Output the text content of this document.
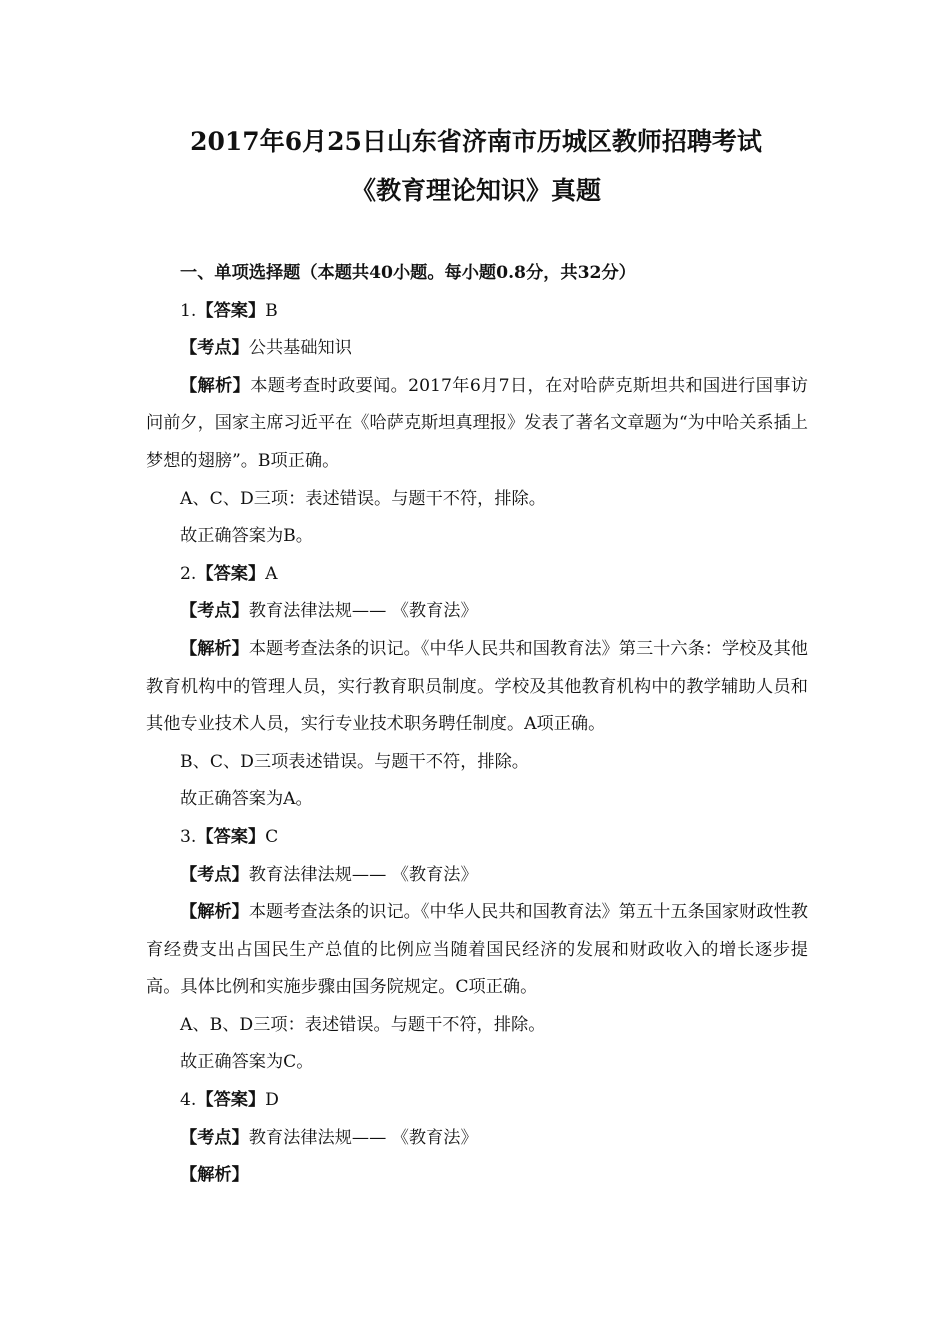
2017年6月25日山东省济南市历城区教师招聘考试
《教育理论知识》真题

一、单项选择题（本题共40小题。每小题0.8分，共32分）

1.【答案】B

【考点】公共基础知识

【解析】本题考查时政要闻。2017年6月7日，在对哈萨克斯坦共和国进行国事访问前夕，国家主席习近平在《哈萨克斯坦真理报》发表了著名文章题为“为中哈关系插上梦想的翅膀”。B项正确。

A、C、D三项：表述错误。与题干不符，排除。

故正确答案为B。

2.【答案】A

【考点】教育法律法规—— 《教育法》

【解析】本题考查法条的识记。《中华人民共和国教育法》第三十六条：学校及其他教育机构中的管理人员，实行教育职员制度。学校及其他教育机构中的教学辅助人员和其他专业技术人员，实行专业技术职务聘任制度。A项正确。

B、C、D三项表述错误。与题干不符，排除。

故正确答案为A。

3.【答案】C

【考点】教育法律法规—— 《教育法》

【解析】本题考查法条的识记。《中华人民共和国教育法》第五十五条国家财政性教育经费支出占国民生产总值的比例应当随着国民经济的发展和财政收入的增长逐步提高。具体比例和实施步骤由国务院规定。C项正确。

A、B、D三项：表述错误。与题干不符，排除。

故正确答案为C。

4.【答案】D

【考点】教育法律法规—— 《教育法》

【解析】
